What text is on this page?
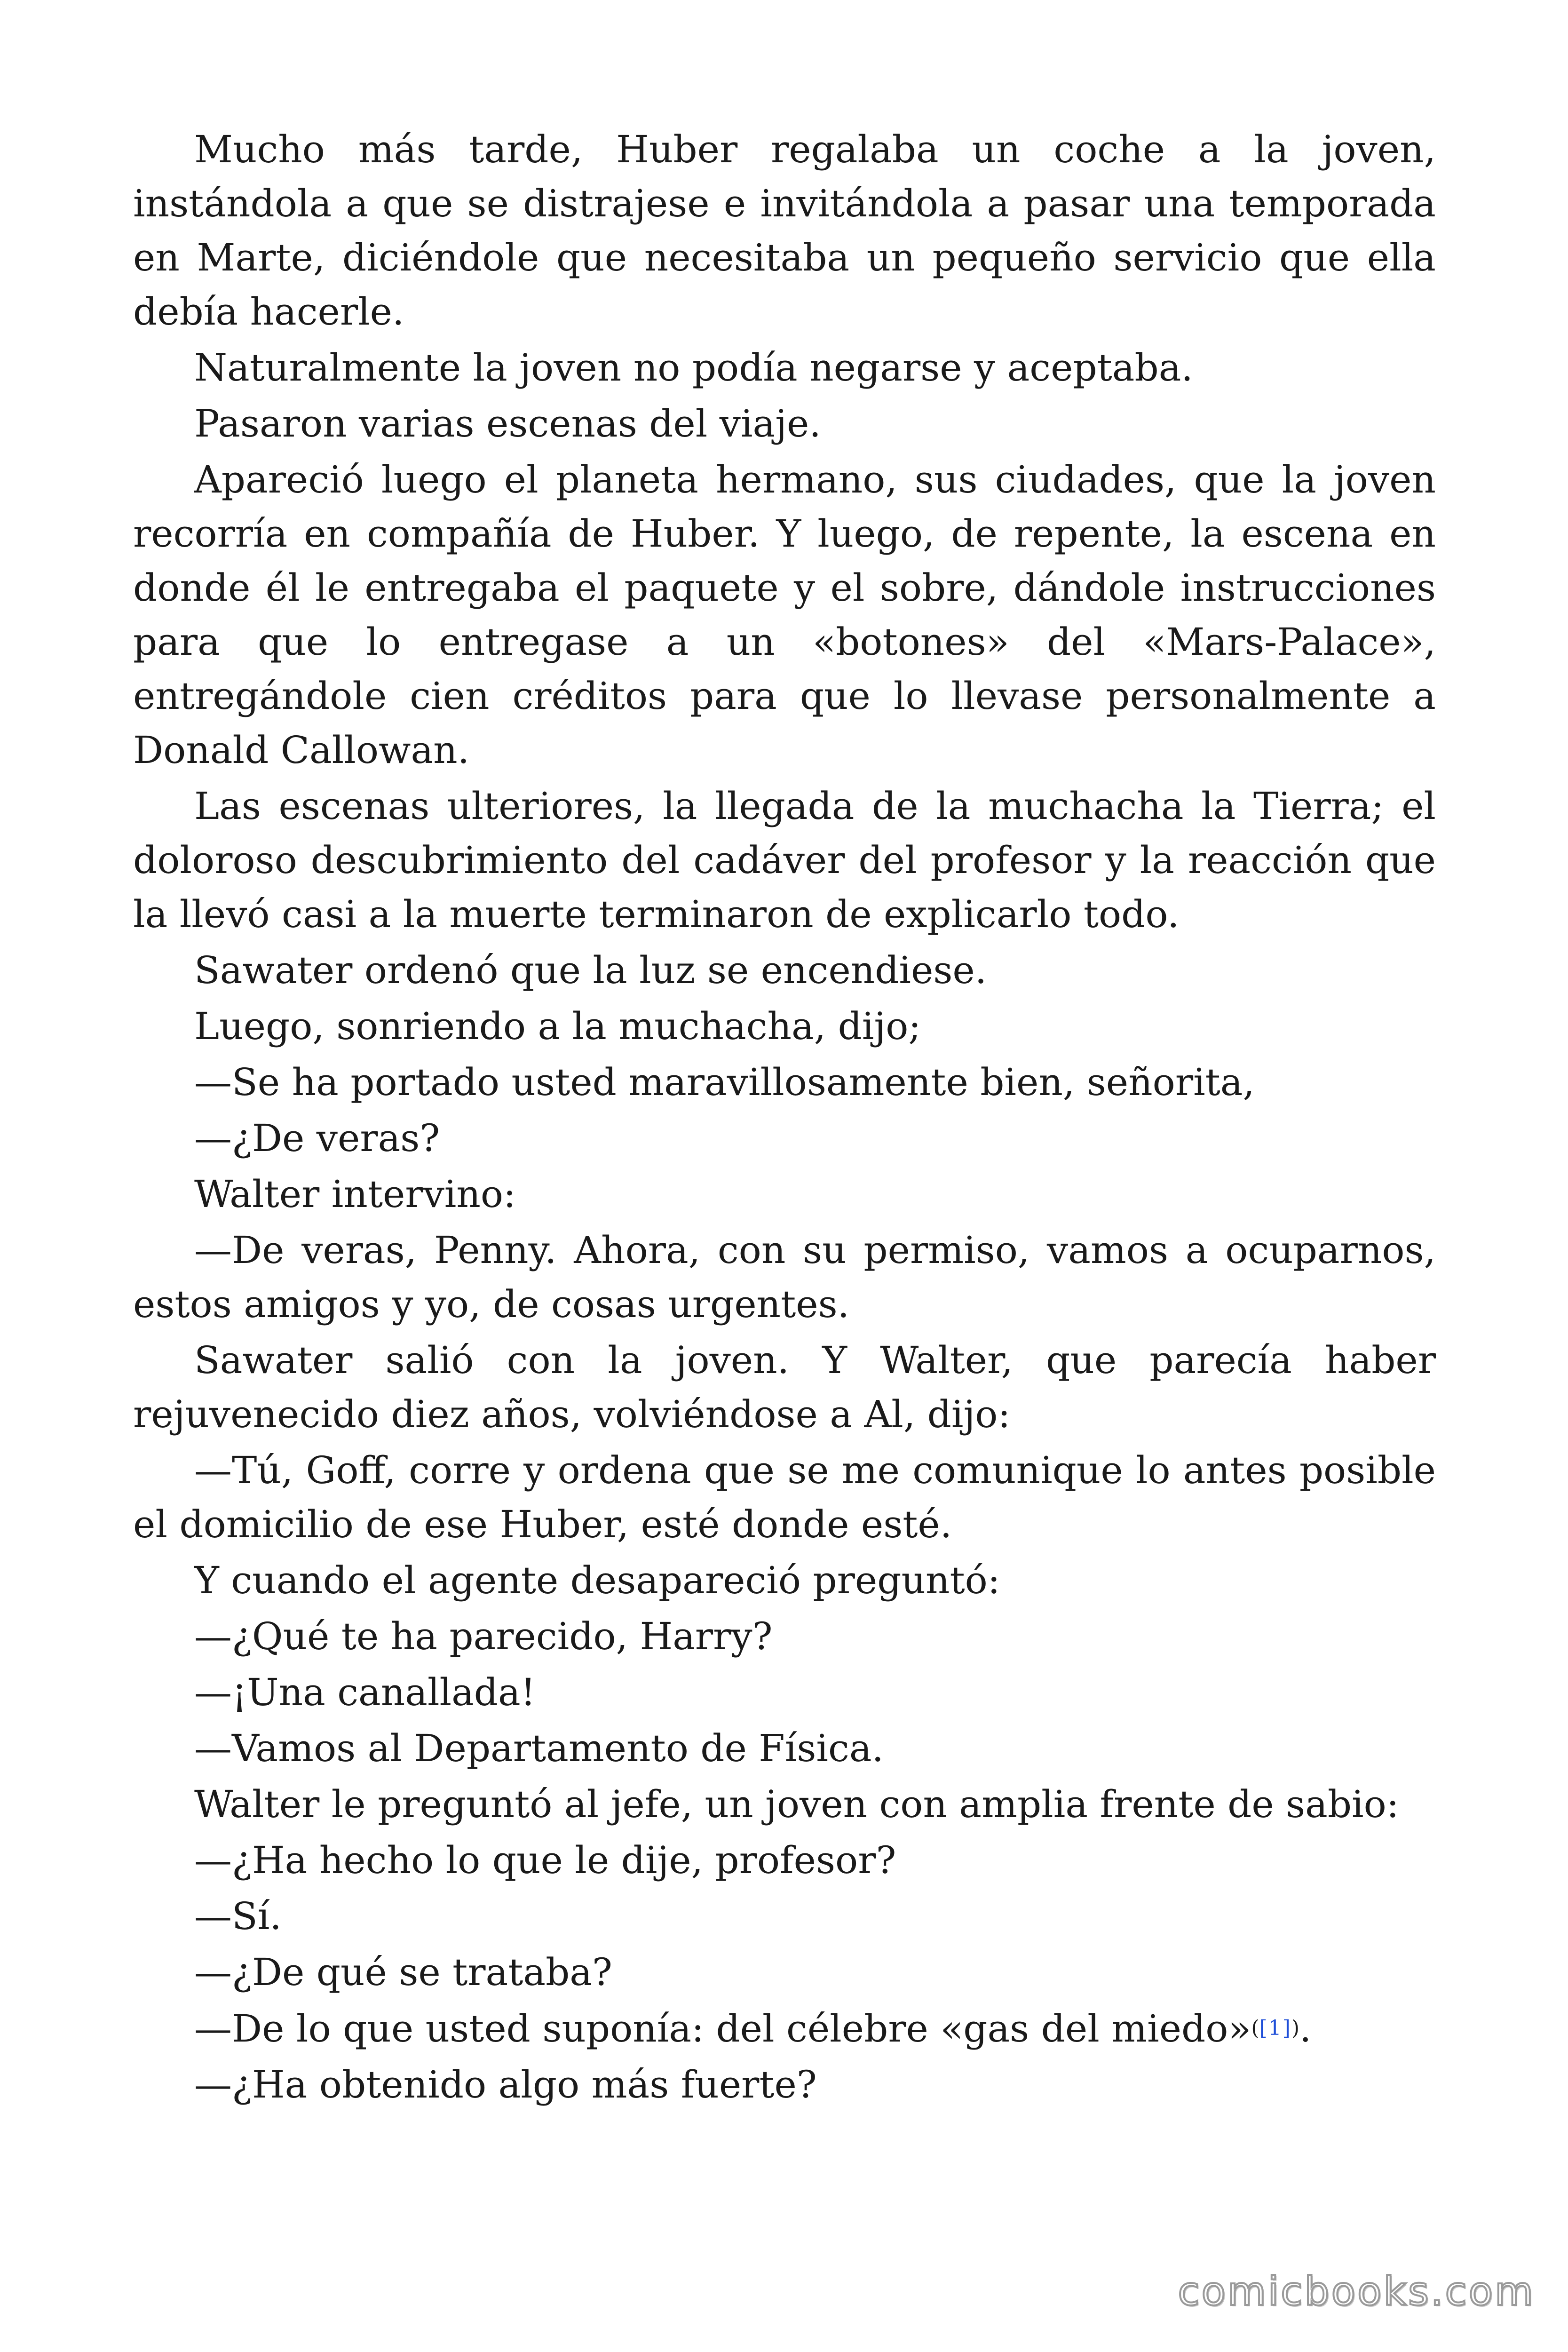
Mucho más tarde, Huber regalaba un coche a la joven, instándola a que se distrajese e invitándola a pasar una temporada en Marte, diciéndole que necesitaba un pequeño servicio que ella debía hacerle.

Naturalmente la joven no podía negarse y aceptaba.

Pasaron varias escenas del viaje.

Apareció luego el planeta hermano, sus ciudades, que la joven recorría en compañía de Huber. Y luego, de repente, la escena en donde él le entregaba el paquete y el sobre, dándole instrucciones para que lo entregase a un «botones» del «Mars-Palace», entregándole cien créditos para que lo llevase personalmente a Donald Callowan.

Las escenas ulteriores, la llegada de la muchacha la Tierra; el doloroso descubrimiento del cadáver del profesor y la reacción que la llevó casi a la muerte terminaron de explicarlo todo.

Sawater ordenó que la luz se encendiese.

Luego, sonriendo a la muchacha, dijo;

—Se ha portado usted maravillosamente bien, señorita,

—¿De veras?

Walter intervino:

—De veras, Penny. Ahora, con su permiso, vamos a ocuparnos, estos amigos y yo, de cosas urgentes.

Sawater salió con la joven. Y Walter, que parecía haber rejuvenecido diez años, volviéndose a Al, dijo:

—Tú, Goff, corre y ordena que se me comunique lo antes posible el domicilio de ese Huber, esté donde esté.

Y cuando el agente desapareció preguntó:

—¿Qué te ha parecido, Harry?

—¡Una canallada!

—Vamos al Departamento de Física.

Walter le preguntó al jefe, un joven con amplia frente de sabio:

—¿Ha hecho lo que le dije, profesor?

—Sí.

—¿De qué se trataba?

—De lo que usted suponía: del célebre «gas del miedo»([1]).

—¿Ha obtenido algo más fuerte?

comicbooks.com
